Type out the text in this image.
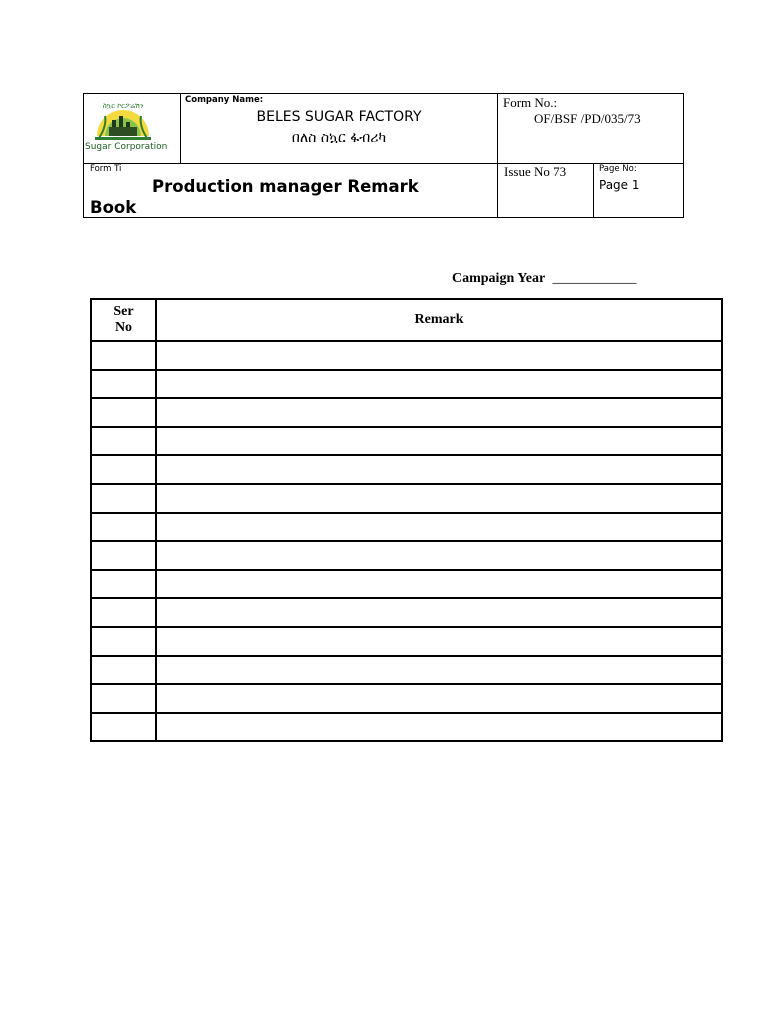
ስኳር ኮርፖሬሽን
Sugar Corporation
Company Name:
BELES SUGAR FACTORY
በለስ ስኳር ፋብሪካ
Form No.:
OF/BSF /PD/035/73
Form Ti
Production manager Remark
Book
Issue No 73	Page No:
Page 1
Campaign Year ____________
Ser
No	Remark
